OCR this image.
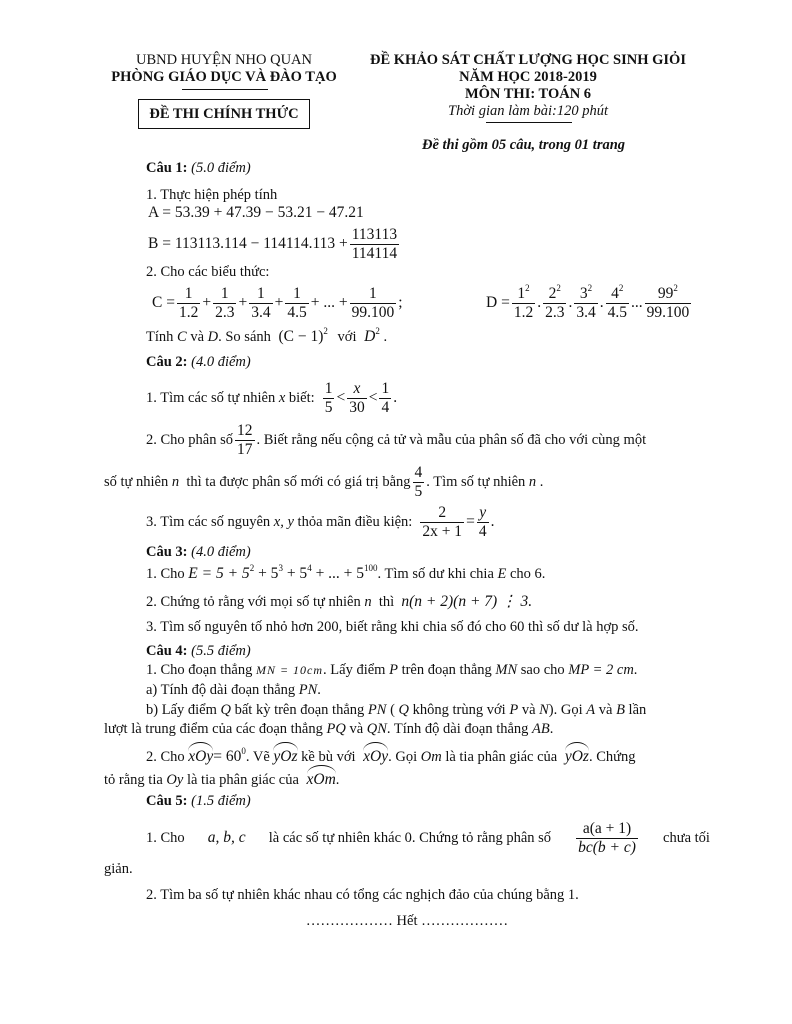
UBND HUYỆN NHO QUAN
PHÒNG GIÁO DỤC VÀ ĐÀO TẠO
ĐỀ THI CHÍNH THỨC
ĐỀ KHẢO SÁT CHẤT LƯỢNG HỌC SINH GIỎI
NĂM HỌC 2018-2019
MÔN THI: TOÁN 6
Thời gian làm bài:120 phút
Đề thi gồm 05 câu, trong 01 trang
Câu 1: (5.0 điểm)
1. Thực hiện phép tính
A = 53.39 + 47.39 − 53.21 − 47.21
$B = 113113.114 - 114114.113 + \frac{113113}{114114}$
2. Cho các biểu thức:
$C = \frac{1}{1.2} + \frac{1}{2.3} + \frac{1}{3.4} + \frac{1}{4.5}$ + ... + $\frac{1}{99.100}$ ;	$D = \frac{1^2}{1.2}$ . $\frac{2^2}{2.3}$ . $\frac{3^2}{3.4}$ . $\frac{4^2}{4.5}$ ... $\frac{99^2}{99.100}$
Tính C và D. So sánh $(C - 1)^2$ với $D^2$ .
Câu 2: (4.0 điểm)
1. Tìm các số tự nhiên
x
biết: $\frac{1}{5} < \frac{x}{30} < \frac{1}{4}$ .
2. Cho phân số $\frac{12}{17}$ . Biết rằng nếu cộng cả tử và mẫu của phân số đã cho với cùng một
số tự nhiên
n
thì ta được phân số mới có giá trị bằng $\frac{4}{5}$ . Tìm số tự nhiên
n
.
3. Tìm các số nguyên
x, y
thỏa mãn điều kiện: $\frac{2}{2x + 1} = \frac{y}{4}$ .
Câu 3: (4.0 điểm)
1. Cho $E = 5 + 5^2 + 5^3 + 5^4$ + ... + $5^{100}$. Tìm số dư khi chia E cho 6.
2. Chứng tỏ rằng với mọi số tự nhiên n thì n(n + 2)(n + 7) ⋮ 3.
3. Tìm số nguyên tố nhỏ hơn 200, biết rằng khi chia số đó cho 60 thì số dư là hợp số.
Câu 4: (5.5 điểm)
1. Cho đoạn thẳng MN = 10cm. Lấy điểm P trên đoạn thẳng MN sao cho MP = 2 cm.
a) Tính độ dài đoạn thẳng PN.
b) Lấy điểm Q bất kỳ trên đoạn thẳng PN ( Q không trùng với P và N). Gọi A và B lần
lượt là trung điểm của các đoạn thẳng PQ và QN. Tính độ dài đoạn thẳng AB.
2. Cho $xOy= 60^0$. Vẽ yOz kề bù với xOy. Gọi Om là tia phân giác của yOz. Chứng
tỏ rằng tia Oy là tia phân giác của xOm.
Câu 5: (1.5 điểm)
1. Cho a, b, c là các số tự nhiên khác 0. Chứng tỏ rằng phân số $\frac{a(a + 1)}{bc(b + c)}$ chưa tối
giản.
2. Tìm ba số tự nhiên khác nhau có tổng các nghịch đảo của chúng bằng 1.
……………… Hết ………………
